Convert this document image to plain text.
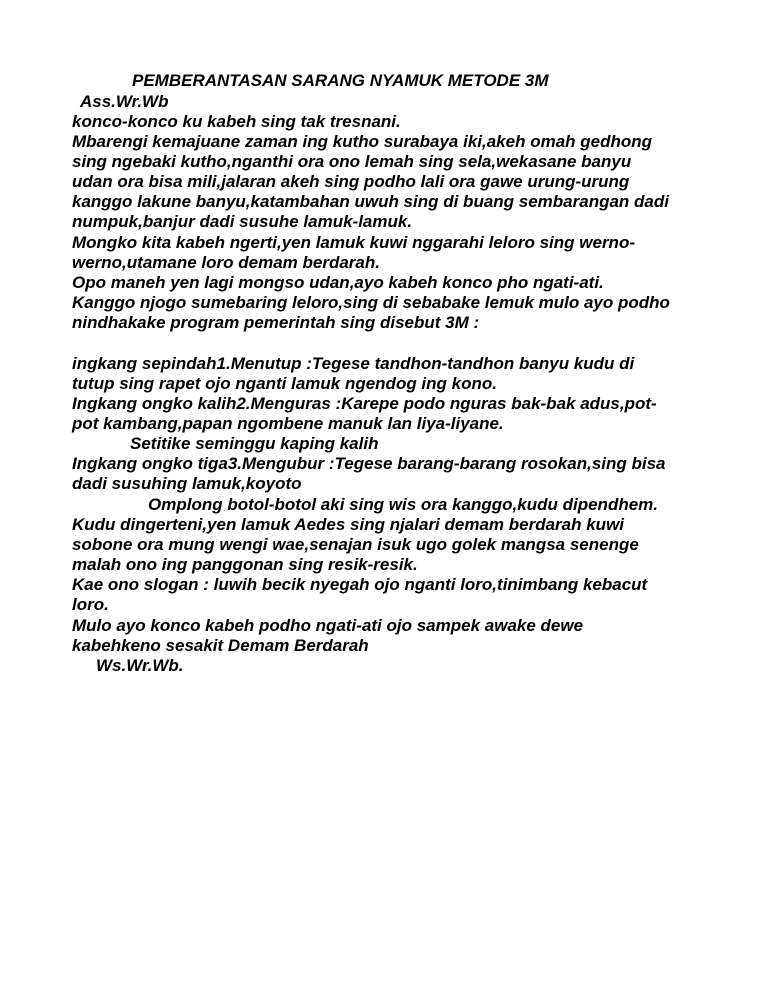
PEMBERANTASAN SARANG NYAMUK METODE 3M
Ass.Wr.Wb
konco-konco ku kabeh sing tak tresnani.
Mbarengi kemajuane zaman ing kutho surabaya iki,akeh omah gedhong
sing ngebaki kutho,nganthi ora ono lemah sing sela,wekasane banyu
udan ora bisa mili,jalaran akeh sing podho lali ora gawe urung-urung
kanggo lakune banyu,katambahan uwuh sing di buang sembarangan dadi
numpuk,banjur dadi susuhe lamuk-lamuk.
Mongko kita kabeh ngerti,yen lamuk kuwi nggarahi leloro sing werno-
werno,utamane loro demam berdarah.
Opo maneh yen lagi mongso udan,ayo kabeh konco pho ngati-ati.
Kanggo njogo sumebaring leloro,sing di sebabake lemuk mulo ayo podho
nindhakake program pemerintah sing disebut 3M :
ingkang sepindah1.Menutup :Tegese tandhon-tandhon banyu kudu di
tutup sing rapet ojo nganti lamuk ngendog ing kono.
Ingkang ongko kalih2.Menguras :Karepe podo nguras bak-bak adus,pot-
pot kambang,papan ngombene manuk lan liya-liyane.
Setitike seminggu kaping kalih
Ingkang ongko tiga3.Mengubur :Tegese barang-barang rosokan,sing bisa
dadi susuhing lamuk,koyoto
Omplong botol-botol aki sing wis ora kanggo,kudu dipendhem.
Kudu dingerteni,yen lamuk Aedes sing njalari demam berdarah kuwi
sobone ora mung wengi wae,senajan isuk ugo golek mangsa senenge
malah ono ing panggonan sing resik-resik.
Kae ono slogan : luwih becik nyegah ojo nganti loro,tinimbang kebacut
loro.
Mulo ayo konco kabeh podho ngati-ati ojo sampek awake dewe
kabehkeno sesakit Demam Berdarah
Ws.Wr.Wb.
